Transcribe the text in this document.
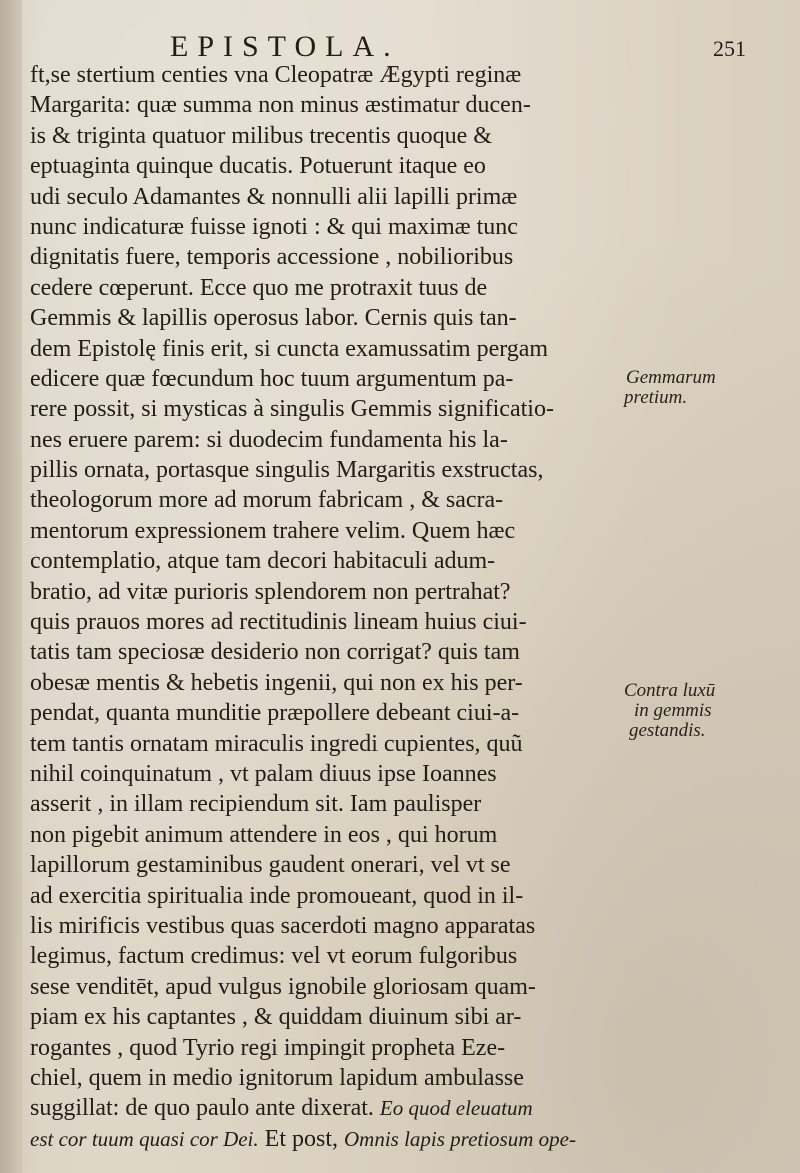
EPISTOLA.	251
ft,se stertium centies vna Cleopatræ Ægypti reginæ
Margarita: quæ summa non minus æstimatur ducen-
is & triginta quatuor milibus trecentis quoque &
eptuaginta quinque ducatis. Potuerunt itaque eo
udi seculo Adamantes & nonnulli alii lapilli primæ
nunc indicaturæ fuisse ignoti : & qui maximæ tunc
dignitatis fuere, temporis accessione , nobilioribus
cedere cœperunt. Ecce quo me protraxit tuus de
Gemmis & lapillis operosus labor. Cernis quis tan-
dem Epistolę finis erit, si cuncta examussatim pergam
edicere quæ fœcundum hoc tuum argumentum pa-
rere possit, si mysticas à singulis Gemmis significatio-
nes eruere parem: si duodecim fundamenta his la-
pillis ornata, portasque singulis Margaritis exstructas,
theologorum more ad morum fabricam , & sacra-
mentorum expressionem trahere velim. Quem hæc
contemplatio, atque tam decori habitaculi adum-
bratio, ad vitæ purioris splendorem non pertrahat?
quis prauos mores ad rectitudinis lineam huius ciui-
tatis tam speciosæ desiderio non corrigat? quis tam
obesæ mentis & hebetis ingenii, qui non ex his per-
pendat, quanta munditie præpollere debeant ciui-a-
tem tantis ornatam miraculis ingredi cupientes, quũ
nihil coinquinatum , vt palam diuus ipse Ioannes
asserit , in illam recipiendum sit. Iam paulisper
non pigebit animum attendere in eos , qui horum
lapillorum gestaminibus gaudent onerari, vel vt se
ad exercitia spiritualia inde promoueant, quod in il-
lis mirificis vestibus quas sacerdoti magno apparatas
legimus, factum credimus: vel vt eorum fulgoribus
sese venditēt, apud vulgus ignobile gloriosam quam-
piam ex his captantes , & quiddam diuinum sibi ar-
rogantes , quod Tyrio regi impingit propheta Eze-
chiel, quem in medio ignitorum lapidum ambulasse
suggillat: de quo paulo ante dixerat. Eo quod eleuatum
est cor tuum quasi cor Dei. Et post, Omnis lapis pretiosum ope-
Gemmarum
pretium.
Contra luxū
in gemmis
gestandis.
